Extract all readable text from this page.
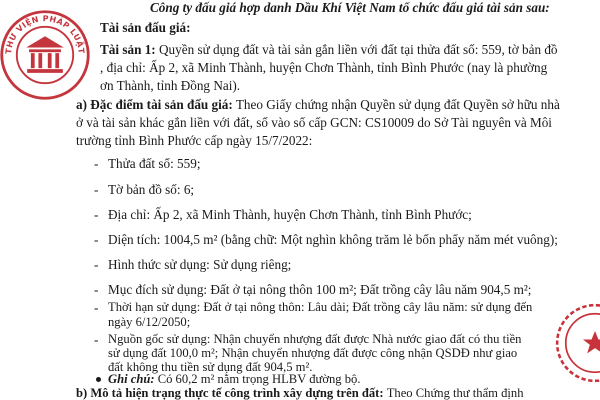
THƯ VIỆN PHÁP LUẬT
Công ty đấu giá hợp danh Dầu Khí Việt Nam tổ chức đấu giá tài sản sau:
Tài sản đấu giá:
Tài sản 1: Quyền sử dụng đất và tài sản gắn liền với đất tại thửa đất số: 559, tờ bản đồ
, địa chỉ: Ấp 2, xã Minh Thành, huyện Chơn Thành, tỉnh Bình Phước (nay là phường
ơn Thành, tỉnh Đồng Nai).
a) Đặc điểm tài sản đấu giá: Theo Giấy chứng nhận Quyền sử dụng đất Quyền sở hữu nhà
ở và tài sản khác gắn liền với đất, số vào sổ cấp GCN: CS10009 do Sở Tài nguyên và Môi
trường tỉnh Bình Phước cấp ngày 15/7/2022:
- Thửa đất số: 559;
- Tờ bản đồ số: 6;
- Địa chỉ: Ấp 2, xã Minh Thành, huyện Chơn Thành, tỉnh Bình Phước;
- Diện tích: 1004,5 m² (bằng chữ: Một nghìn không trăm lẻ bốn phẩy năm mét vuông);
- Hình thức sử dụng: Sử dụng riêng;
- Mục đích sử dụng: Đất ở tại nông thôn 100 m²; Đất trồng cây lâu năm 904,5 m²;
- Thời hạn sử dụng: Đất ở tại nông thôn: Lâu dài; Đất trồng cây lâu năm: sử dụng đến
ngày 6/12/2050;
- Nguồn gốc sử dụng: Nhận chuyển nhượng đất được Nhà nước giao đất có thu tiền
sử dụng đất 100,0 m²; Nhận chuyển nhượng đất được công nhận QSDĐ như giao
đất không thu tiền sử dụng đất 904,5 m².
Ghi chú: Có 60,2 m² nằm trọng HLBV đường bộ.
b) Mô tả hiện trạng thực tế công trình xây dựng trên đất: Theo Chứng thư thẩm định
